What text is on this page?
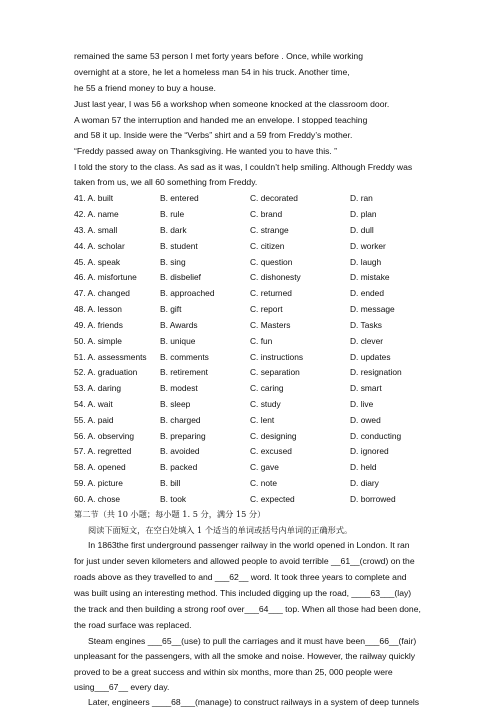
remained the same 53 person I met forty years before . Once, while working
overnight at a store, he let a homeless man 54 in his truck. Another time,
he 55 a friend money to buy a house.
Just last year, I was 56 a workshop when someone knocked at the classroom door.
A woman 57 the interruption and handed me an envelope. I stopped teaching
and 58 it up. Inside were the “Verbs” shirt and a 59 from Freddy’s mother.
“Freddy passed away on Thanksgiving. He wanted you to have this. ”
I told the story to the class. As sad as it was, I couldn’t help smiling. Although Freddy was
taken from us, we all 60 something from Freddy.
41. A. built	B. entered	C. decorated	D. ran
42. A. name	B. rule	C. brand	D. plan
43. A. small	B. dark	C. strange	D. dull
44. A. scholar	B. student	C. citizen	D. worker
45. A. speak	B. sing	C. question	D. laugh
46. A. misfortune	B. disbelief	C. dishonesty	D. mistake
47. A. changed	B. approached	C. returned	D. ended
48. A. lesson	B. gift	C. report	D. message
49. A. friends	B. Awards	C. Masters	D. Tasks
50. A. simple	B. unique	C. fun	D. clever
51. A. assessments B. comments	C. instructions	D. updates
52. A. graduation	B. retirement	C. separation	D. resignation
53. A. daring	B. modest	C. caring	D. smart
54. A. wait	B. sleep	C. study	D. live
55. A. paid	B. charged	C. lent	D. owed
56. A. observing	B. preparing	C. designing	D. conducting
57. A. regretted	B. avoided	C. excused	D. ignored
58. A. opened	B. packed	C. gave	D. held
59. A. picture	B. bill	C. note	D. diary
60. A. chose	B. took	C. expected	D. borrowed
第二节（共 10 小题；每小题 1. 5 分，满分 15 分）
阅读下面短文，在空白处填入 1 个适当的单词或括号内单词的正确形式。
In 1863the first underground passenger railway in the world opened in London. It ran
for just under seven kilometers and allowed people to avoid terrible __61__(crowd) on the
roads above as they travelled to and ___62__ word. It took three years to complete and
was built using an interesting method. This included digging up the road, ____63___(lay)
the track and then building a strong roof over___64___ top. When all those had been done,
the road surface was replaced.
Steam engines ___65__(use) to pull the carriages and it must have been___66__(fair)
unpleasant for the passengers, with all the smoke and noise. However, the railway quickly
proved to be a great success and within six months, more than 25, 000 people were
using___67__ every day.
Later, engineers ____68___(manage) to construct railways in a system of deep tunnels
